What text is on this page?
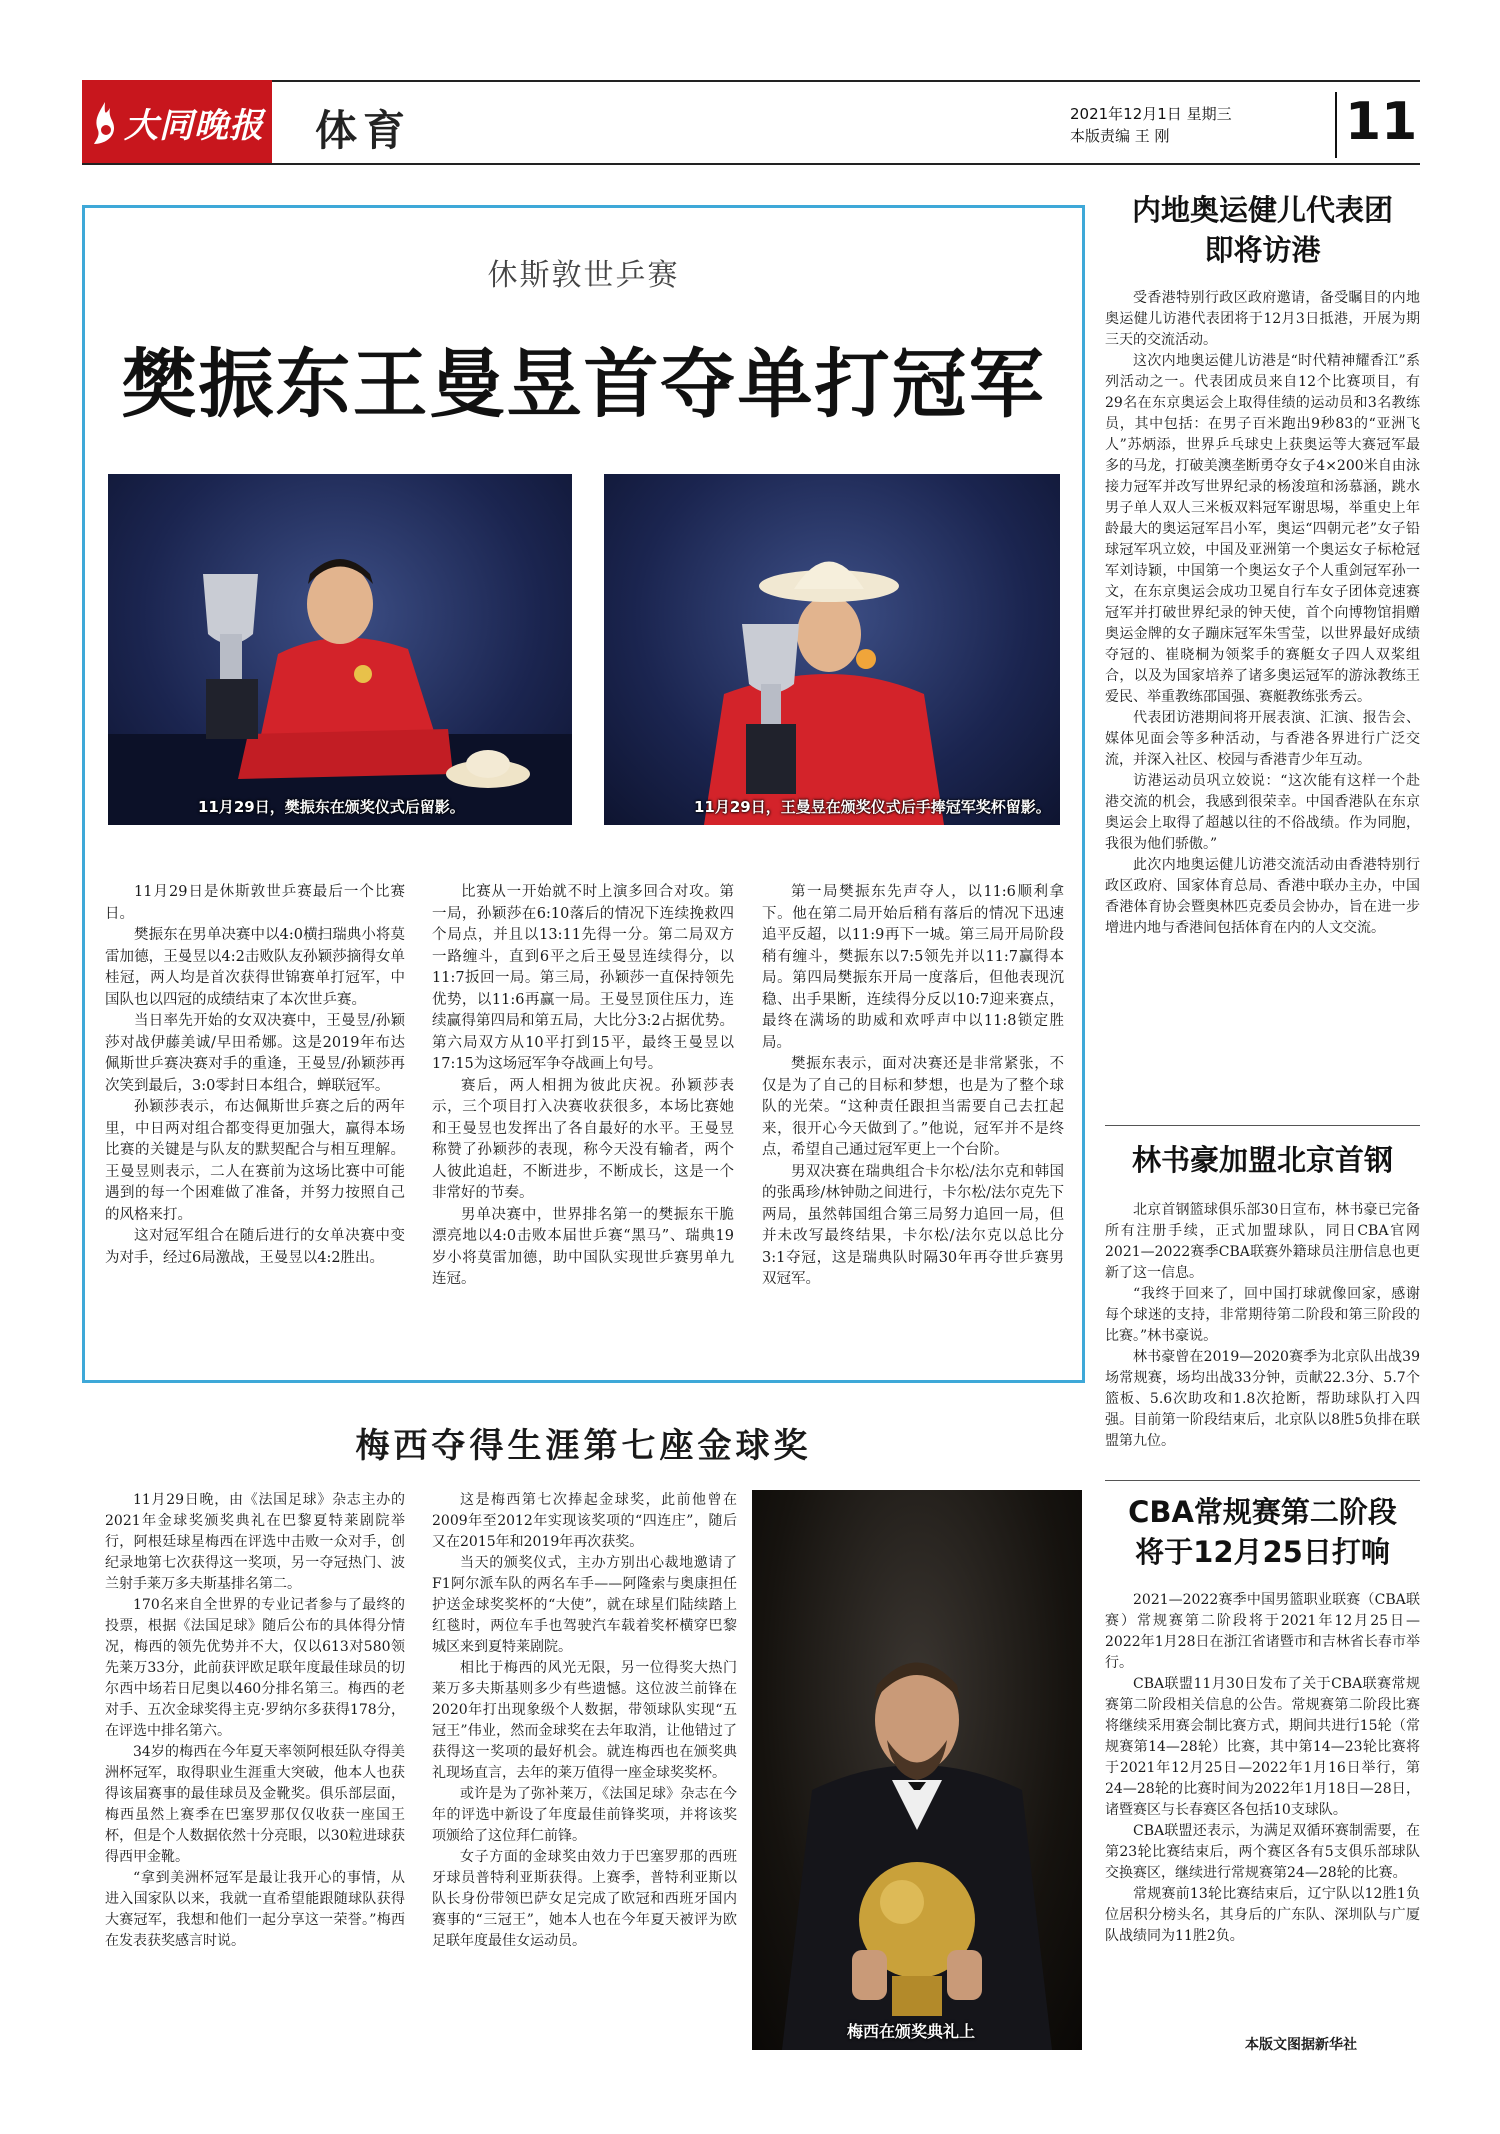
大同晚报 体育	2021年12月1日 星期三
本版责编 王 刚	11
休斯敦世乒赛
樊振东王曼昱首夺单打冠军
11月29日，樊振东在颁奖仪式后留影。	11月29日，王曼昱在颁奖仪式后手捧冠军奖杯留影。

11月29日是休斯敦世乒赛最后一个比赛日。

樊振东在男单决赛中以4:0横扫瑞典小将莫雷加德，王曼昱以4:2击败队友孙颖莎摘得女单桂冠，两人均是首次获得世锦赛单打冠军，中国队也以四冠的成绩结束了本次世乒赛。

当日率先开始的女双决赛中，王曼昱/孙颖莎对战伊藤美诚/早田希娜。这是2019年布达佩斯世乒赛决赛对手的重逢，王曼昱/孙颖莎再次笑到最后，3:0零封日本组合，蝉联冠军。

孙颖莎表示，布达佩斯世乒赛之后的两年里，中日两对组合都变得更加强大，赢得本场比赛的关键是与队友的默契配合与相互理解。王曼昱则表示，二人在赛前为这场比赛中可能遇到的每一个困难做了准备，并努力按照自己的风格来打。

这对冠军组合在随后进行的女单决赛中变为对手，经过6局激战，王曼昱以4:2胜出。

比赛从一开始就不时上演多回合对攻。第一局，孙颖莎在6:10落后的情况下连续挽救四个局点，并且以13:11先得一分。第二局双方一路缠斗，直到6平之后王曼昱连续得分，以11:7扳回一局。第三局，孙颖莎一直保持领先优势，以11:6再赢一局。王曼昱顶住压力，连续赢得第四局和第五局，大比分3:2占据优势。第六局双方从10平打到15平，最终王曼昱以17:15为这场冠军争夺战画上句号。

赛后，两人相拥为彼此庆祝。孙颖莎表示，三个项目打入决赛收获很多，本场比赛她和王曼昱也发挥出了各自最好的水平。王曼昱称赞了孙颖莎的表现，称今天没有输者，两个人彼此追赶，不断进步，不断成长，这是一个非常好的节奏。

男单决赛中，世界排名第一的樊振东干脆漂亮地以4:0击败本届世乒赛“黑马”、瑞典19岁小将莫雷加德，助中国队实现世乒赛男单九连冠。

第一局樊振东先声夺人，以11:6顺利拿下。他在第二局开始后稍有落后的情况下迅速追平反超，以11:9再下一城。第三局开局阶段稍有缠斗，樊振东以7:5领先并以11:7赢得本局。第四局樊振东开局一度落后，但他表现沉稳、出手果断，连续得分反以10:7迎来赛点，最终在满场的助威和欢呼声中以11:8锁定胜局。

樊振东表示，面对决赛还是非常紧张，不仅是为了自己的目标和梦想，也是为了整个球队的光荣。“这种责任跟担当需要自己去扛起来，很开心今天做到了。”他说，冠军并不是终点，希望自己通过冠军更上一个台阶。

男双决赛在瑞典组合卡尔松/法尔克和韩国的张禹珍/林钟勋之间进行，卡尔松/法尔克先下两局，虽然韩国组合第三局努力追回一局，但并未改写最终结果，卡尔松/法尔克以总比分3:1夺冠，这是瑞典队时隔30年再夺世乒赛男双冠军。

内地奥运健儿代表团
即将访港

受香港特别行政区政府邀请，备受瞩目的内地奥运健儿访港代表团将于12月3日抵港，开展为期三天的交流活动。

这次内地奥运健儿访港是“时代精神耀香江”系列活动之一。代表团成员来自12个比赛项目，有29名在东京奥运会上取得佳绩的运动员和3名教练员，其中包括：在男子百米跑出9秒83的“亚洲飞人”苏炳添，世界乒乓球史上获奥运等大赛冠军最多的马龙，打破美澳垄断勇夺女子4×200米自由泳接力冠军并改写世界纪录的杨浚瑄和汤慕涵，跳水男子单人双人三米板双料冠军谢思埸，举重史上年龄最大的奥运冠军吕小军，奥运“四朝元老”女子铅球冠军巩立姣，中国及亚洲第一个奥运女子标枪冠军刘诗颖，中国第一个奥运女子个人重剑冠军孙一文，在东京奥运会成功卫冕自行车女子团体竞速赛冠军并打破世界纪录的钟天使，首个向博物馆捐赠奥运金牌的女子蹦床冠军朱雪莹，以世界最好成绩夺冠的、崔晓桐为领桨手的赛艇女子四人双桨组合，以及为国家培养了诸多奥运冠军的游泳教练王爱民、举重教练邵国强、赛艇教练张秀云。

代表团访港期间将开展表演、汇演、报告会、媒体见面会等多种活动，与香港各界进行广泛交流，并深入社区、校园与香港青少年互动。

访港运动员巩立姣说：“这次能有这样一个赴港交流的机会，我感到很荣幸。中国香港队在东京奥运会上取得了超越以往的不俗战绩。作为同胞，我很为他们骄傲。”

此次内地奥运健儿访港交流活动由香港特别行政区政府、国家体育总局、香港中联办主办，中国香港体育协会暨奥林匹克委员会协办，旨在进一步增进内地与香港间包括体育在内的人文交流。

林书豪加盟北京首钢

北京首钢篮球俱乐部30日宣布，林书豪已完备所有注册手续，正式加盟球队，同日CBA官网2021—2022赛季CBA联赛外籍球员注册信息也更新了这一信息。

“我终于回来了，回中国打球就像回家，感谢每个球迷的支持，非常期待第二阶段和第三阶段的比赛。”林书豪说。

林书豪曾在2019—2020赛季为北京队出战39场常规赛，场均出战33分钟，贡献22.3分、5.7个篮板、5.6次助攻和1.8次抢断，帮助球队打入四强。目前第一阶段结束后，北京队以8胜5负排在联盟第九位。

CBA常规赛第二阶段
将于12月25日打响

2021—2022赛季中国男篮职业联赛（CBA联赛）常规赛第二阶段将于2021年12月25日—2022年1月28日在浙江省诸暨市和吉林省长春市举行。

CBA联盟11月30日发布了关于CBA联赛常规赛第二阶段相关信息的公告。常规赛第二阶段比赛将继续采用赛会制比赛方式，期间共进行15轮（常规赛第14—28轮）比赛，其中第14—23轮比赛将于2021年12月25日—2022年1月16日举行，第24—28轮的比赛时间为2022年1月18日—28日，诸暨赛区与长春赛区各包括10支球队。

CBA联盟还表示，为满足双循环赛制需要，在第23轮比赛结束后，两个赛区各有5支俱乐部球队交换赛区，继续进行常规赛第24—28轮的比赛。

常规赛前13轮比赛结束后，辽宁队以12胜1负位居积分榜头名，其身后的广东队、深圳队与广厦队战绩同为11胜2负。

本版文图据新华社
梅西夺得生涯第七座金球奖

11月29日晚，由《法国足球》杂志主办的2021年金球奖颁奖典礼在巴黎夏特莱剧院举行，阿根廷球星梅西在评选中击败一众对手，创纪录地第七次获得这一奖项，另一夺冠热门、波兰射手莱万多夫斯基排名第二。

170名来自全世界的专业记者参与了最终的投票，根据《法国足球》随后公布的具体得分情况，梅西的领先优势并不大，仅以613对580领先莱万33分，此前获评欧足联年度最佳球员的切尔西中场若日尼奥以460分排名第三。梅西的老对手、五次金球奖得主克·罗纳尔多获得178分，在评选中排名第六。

34岁的梅西在今年夏天率领阿根廷队夺得美洲杯冠军，取得职业生涯重大突破，他本人也获得该届赛事的最佳球员及金靴奖。俱乐部层面，梅西虽然上赛季在巴塞罗那仅仅收获一座国王杯，但是个人数据依然十分亮眼，以30粒进球获得西甲金靴。

“拿到美洲杯冠军是最让我开心的事情，从进入国家队以来，我就一直希望能跟随球队获得大赛冠军，我想和他们一起分享这一荣誉。”梅西在发表获奖感言时说。

这是梅西第七次捧起金球奖，此前他曾在2009年至2012年实现该奖项的“四连庄”，随后又在2015年和2019年再次获奖。

当天的颁奖仪式，主办方别出心裁地邀请了F1阿尔派车队的两名车手——阿隆索与奥康担任护送金球奖奖杯的“大使”，就在球星们陆续踏上红毯时，两位车手也驾驶汽车载着奖杯横穿巴黎城区来到夏特莱剧院。

相比于梅西的风光无限，另一位得奖大热门莱万多夫斯基则多少有些遗憾。这位波兰前锋在2020年打出现象级个人数据，带领球队实现“五冠王”伟业，然而金球奖在去年取消，让他错过了获得这一奖项的最好机会。就连梅西也在颁奖典礼现场直言，去年的莱万值得一座金球奖奖杯。

或许是为了弥补莱万，《法国足球》杂志在今年的评选中新设了年度最佳前锋奖项，并将该奖项颁给了这位拜仁前锋。

女子方面的金球奖由效力于巴塞罗那的西班牙球员普特利亚斯获得。上赛季，普特利亚斯以队长身份带领巴萨女足完成了欧冠和西班牙国内赛事的“三冠王”，她本人也在今年夏天被评为欧足联年度最佳女运动员。

梅西在颁奖典礼上
